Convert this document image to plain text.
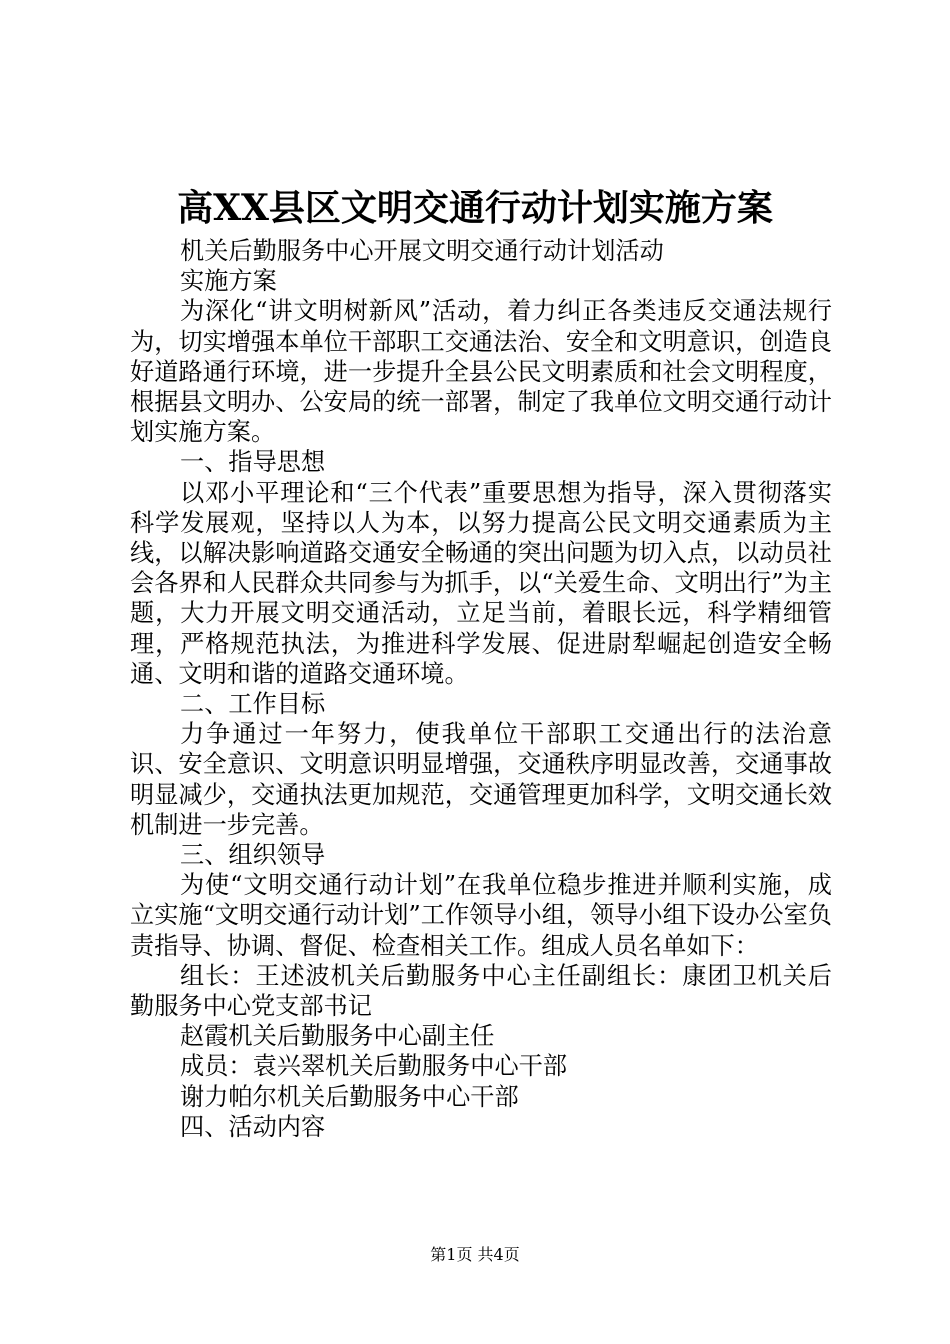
高XX县区文明交通行动计划实施方案

机关后勤服务中心开展文明交通行动计划活动

实施方案

为深化“讲文明树新风”活动，着力纠正各类违反交通法规行为，切实增强本单位干部职工交通法治、安全和文明意识，创造良好道路通行环境，进一步提升全县公民文明素质和社会文明程度，根据县文明办、公安局的统一部署，制定了我单位文明交通行动计划实施方案。

一、指导思想

以邓小平理论和“三个代表”重要思想为指导，深入贯彻落实科学发展观，坚持以人为本，以努力提高公民文明交通素质为主线，以解决影响道路交通安全畅通的突出问题为切入点，以动员社会各界和人民群众共同参与为抓手，以“关爱生命、文明出行”为主题，大力开展文明交通活动，立足当前，着眼长远，科学精细管理，严格规范执法，为推进科学发展、促进尉犁崛起创造安全畅通、文明和谐的道路交通环境。

二、工作目标

力争通过一年努力，使我单位干部职工交通出行的法治意识、安全意识、文明意识明显增强，交通秩序明显改善，交通事故明显减少，交通执法更加规范，交通管理更加科学，文明交通长效机制进一步完善。

三、组织领导

为使“文明交通行动计划”在我单位稳步推进并顺利实施，成立实施“文明交通行动计划”工作领导小组，领导小组下设办公室负责指导、协调、督促、检查相关工作。组成人员名单如下：

组长：王述波机关后勤服务中心主任副组长：康团卫机关后勤服务中心党支部书记

赵霞机关后勤服务中心副主任

成员：袁兴翠机关后勤服务中心干部

谢力帕尔机关后勤服务中心干部

四、活动内容

第1页 共4页
